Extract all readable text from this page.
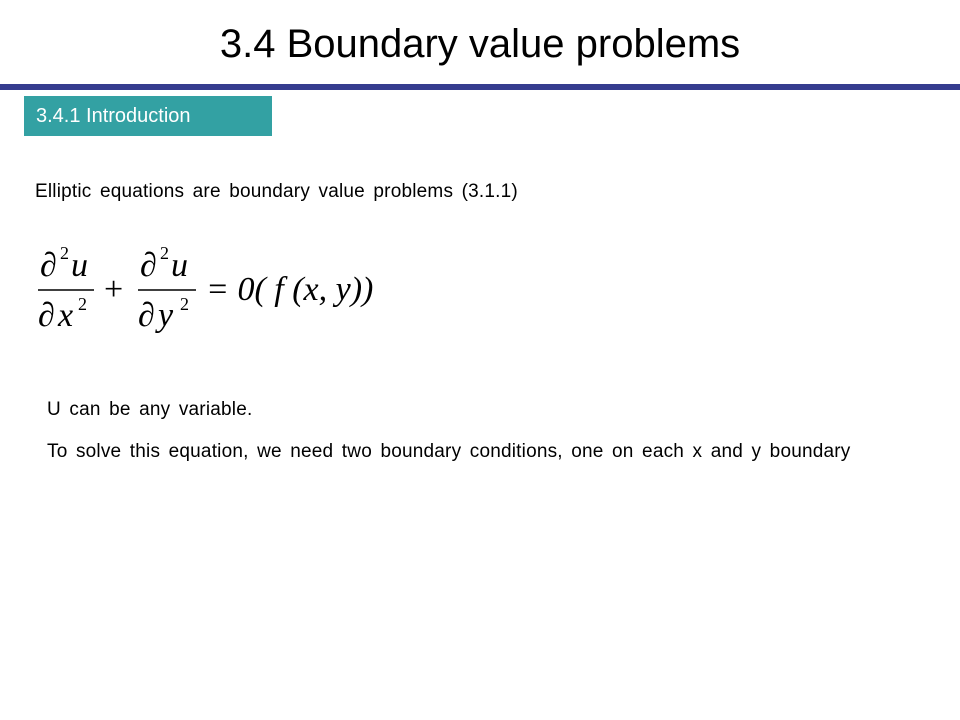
3.4 Boundary value problems
3.4.1 Introduction
Elliptic equations are boundary value problems (3.1.1)
∂ 2 u
∂ x 2 +
∂ 2 u
∂ y 2 = 0( f (x, y))
U can be any variable.
To solve this equation, we need two boundary conditions, one on each x and y boundary
